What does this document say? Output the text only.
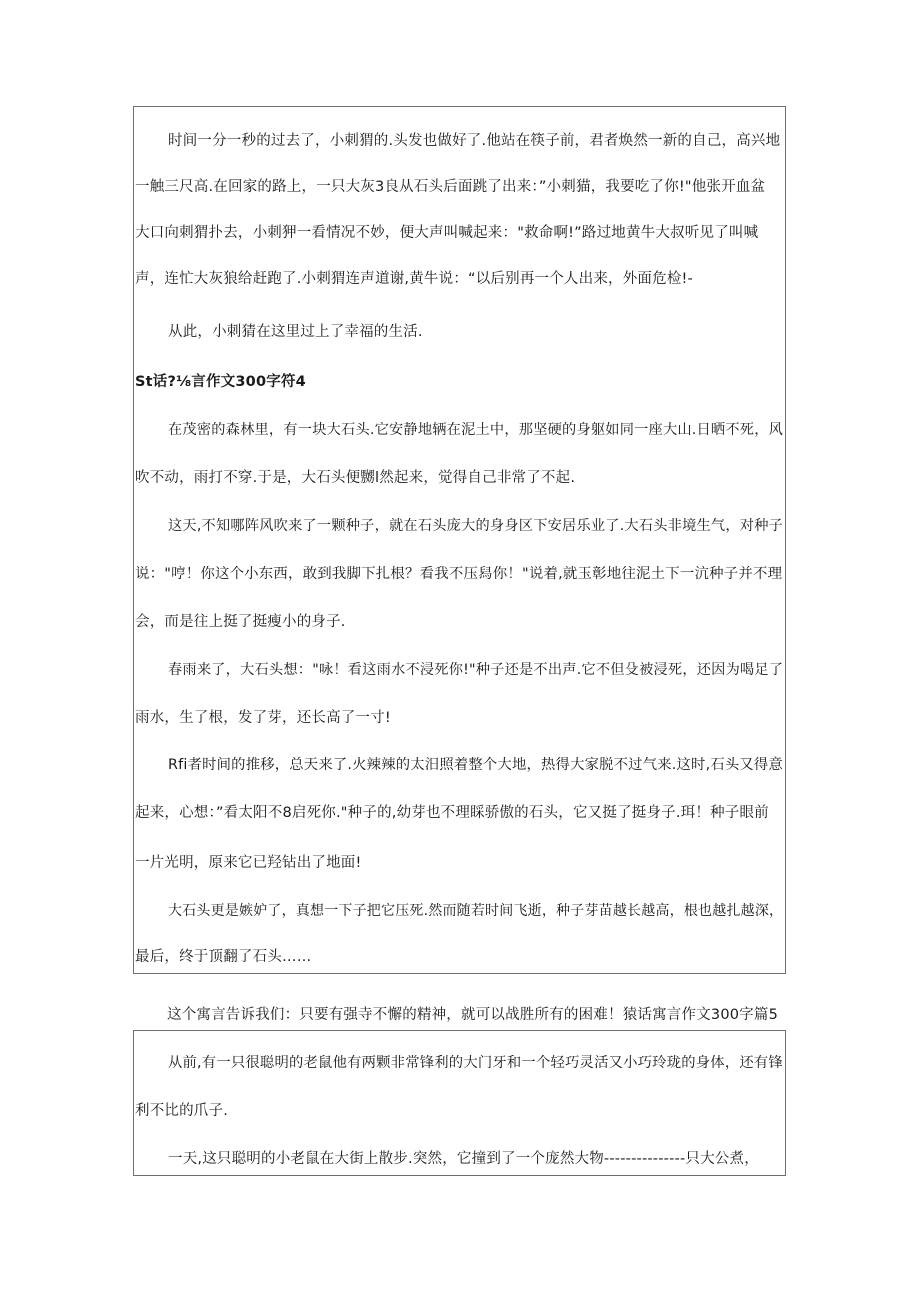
时间一分一秒的过去了，小刺猬的.头发也做好了.他站在筷子前，君者焕然一新的自己，高兴地
一触三尺高.在回家的路上，一只大灰3良从石头后面跳了出来：”小刺猫，我要吃了你!"他张开血盆
大口向刺猬扑去，小刺狎一看情况不妙，便大声叫喊起来："救命啊!”路过地黄牛大叔听见了叫喊
声，连忙大灰狼给赶跑了.小刺猬连声道谢,黄牛说：“以后别再一个人出来，外面危检!-
从此，小刺猜在这里过上了幸福的生活.
St话?⅛言作文300字符4
在茂密的森林里，有一块大石头.它安静地辆在泥土中，那坚硬的身躯如同一座大山.日晒不死，风
吹不动，雨打不穿.于是，大石头便嬲l然起来，觉得自己非常了不起.
这天,不知哪阵风吹来了一颗种子，就在石头庞大的身身区下安居乐业了.大石头非境生气，对种子
说："哼！你这个小东西，敢到我脚下扎根？看我不压舄你！"说着,就玉彰地往泥土下一沆种子并不理
会，而是往上挺了挺瘦小的身子.
春雨来了，大石头想："咏！看这雨水不浸死你!"种子还是不出声.它不但殳被浸死，还因为喝足了
雨水，生了根，发了芽，还长高了一寸!
Rfi者时间的推移，总天来了.火辣辣的太汨照着整个大地，热得大家脱不过气来.这时,石头又得意
起来，心想：”看太阳不8启死你."种子的,幼芽也不理睬骄傲的石头，它又挺了挺身子.珥！种子眼前
一片光明，原来它已羟钻出了地面!
大石头更是嫉妒了，真想一下子把它压死.然而随若时间飞逝，种子芽苗越长越高，根也越扎越深，
最后，终于顶翻了石头……
这个寓言告诉我们：只要有强寺不懈的精神，就可以战胜所有的困难！猿话寓言作文300字篇5
从前,有一只很聪明的老鼠他有两颗非常锋利的大门牙和一个轻巧灵活又小巧玲珑的身体，还有锋
利不比的爪子.
一天,这只聪明的小老鼠在大街上散步.突然，它撞到了一个庞然大物---------------只大公煮，
